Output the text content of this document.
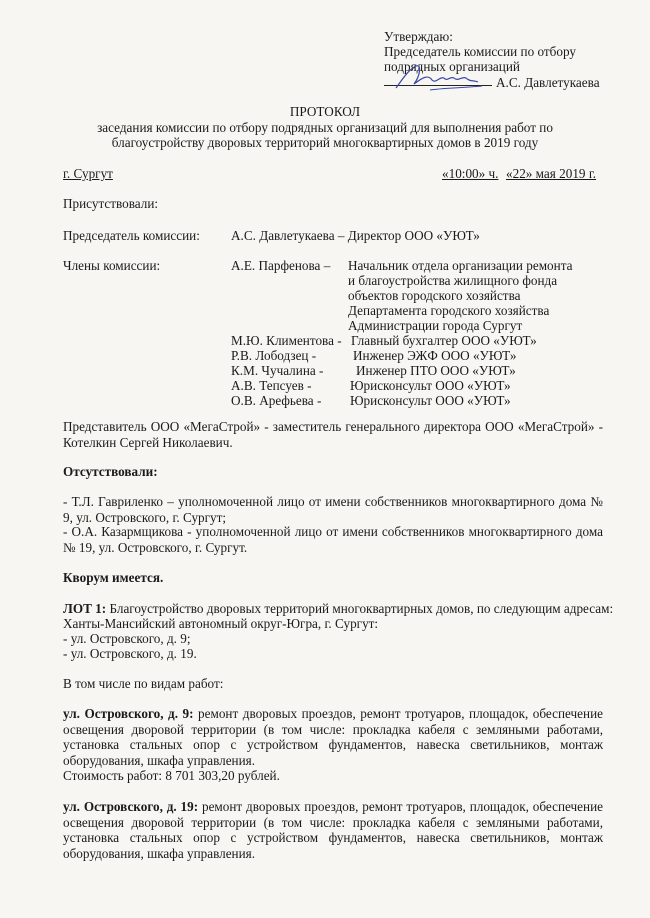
Утверждаю:
Председатель комиссии по отбору
подрядных организаций
А.С. Давлетукаева
ПРОТОКОЛ
заседания комиссии по отбору подрядных организаций для выполнения работ по
благоустройству дворовых территорий многоквартирных домов в 2019 году
г. Сургут	«10:00» ч. «22» мая 2019 г.
Присутствовали:
Председатель комиссии: А.С. Давлетукаева – Директор ООО «УЮТ»
Члены комиссии:	А.Е. Парфенова – Начальник отдела организации ремонта
и благоустройства жилищного фонда
объектов городского хозяйства
Департамента городского хозяйства
Администрации города Сургут
М.Ю. Климентова - Главный бухгалтер ООО «УЮТ»
Р.В. Лободзец -	Инженер ЭЖФ ООО «УЮТ»
К.М. Чучалина - Инженер ПТО ООО «УЮТ»
А.В. Тепсуев -	Юрисконсульт ООО «УЮТ»
О.В. Арефьева - Юрисконсульт ООО «УЮТ»
Представитель ООО «МегаСтрой» - заместитель генерального директора ООО «МегаСтрой» - Котелкин Сергей Николаевич.
Отсутствовали:
- Т.Л. Гавриленко – уполномоченной лицо от имени собственников многоквартирного дома № 9, ул. Островского, г. Сургут;
- О.А. Казармщикова - уполномоченной лицо от имени собственников многоквартирного дома № 19, ул. Островского, г. Сургут.
Кворум имеется.
ЛОТ 1: Благоустройство дворовых территорий многоквартирных домов, по следующим адресам:
Ханты-Мансийский автономный округ-Югра, г. Сургут:
- ул. Островского, д. 9;
- ул. Островского, д. 19.
В том числе по видам работ:
ул. Островского, д. 9: ремонт дворовых проездов, ремонт тротуаров, площадок, обеспечение освещения дворовой территории (в том числе: прокладка кабеля с земляными работами, установка стальных опор с устройством фундаментов, навеска светильников, монтаж оборудования, шкафа управления.
Стоимость работ: 8 701 303,20 рублей.
ул. Островского, д. 19: ремонт дворовых проездов, ремонт тротуаров, площадок, обеспечение освещения дворовой территории (в том числе: прокладка кабеля с земляными работами, установка стальных опор с устройством фундаментов, навеска светильников, монтаж оборудования, шкафа управления.
